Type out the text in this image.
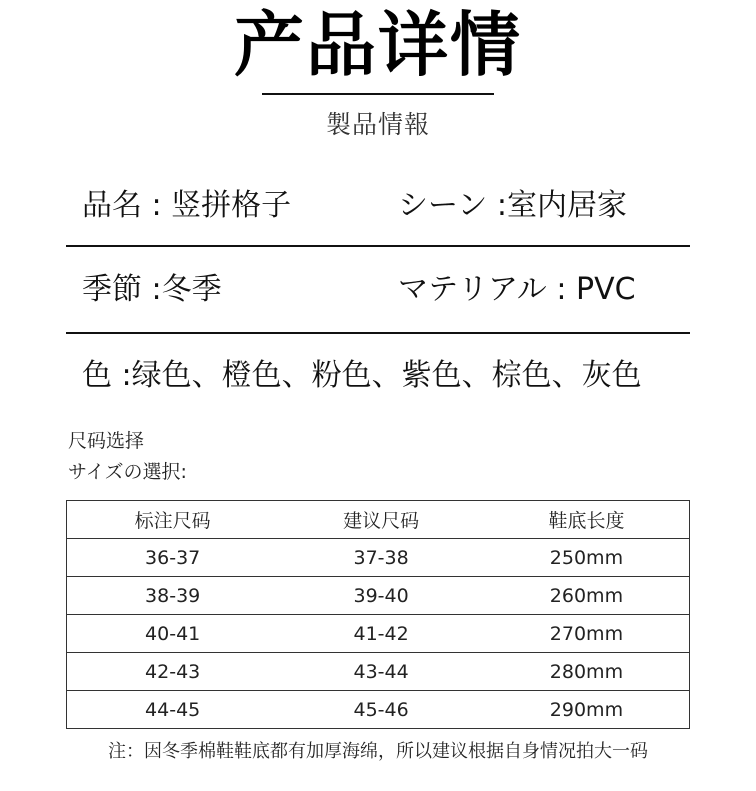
产品详情
製品情報
品名 : 竖拼格子	シーン :室内居家
季節 :冬季	マテリアル : PVC
色 :绿色、橙色、粉色、紫色、棕色、灰色
尺码选择
サイズの選択:
标注尺码	建议尺码	鞋底长度
36-37	37-38	250mm
38-39	39-40	260mm
40-41	41-42	270mm
42-43	43-44	280mm
44-45	45-46	290mm
注：因冬季棉鞋鞋底都有加厚海绵，所以建议根据自身情况拍大一码
